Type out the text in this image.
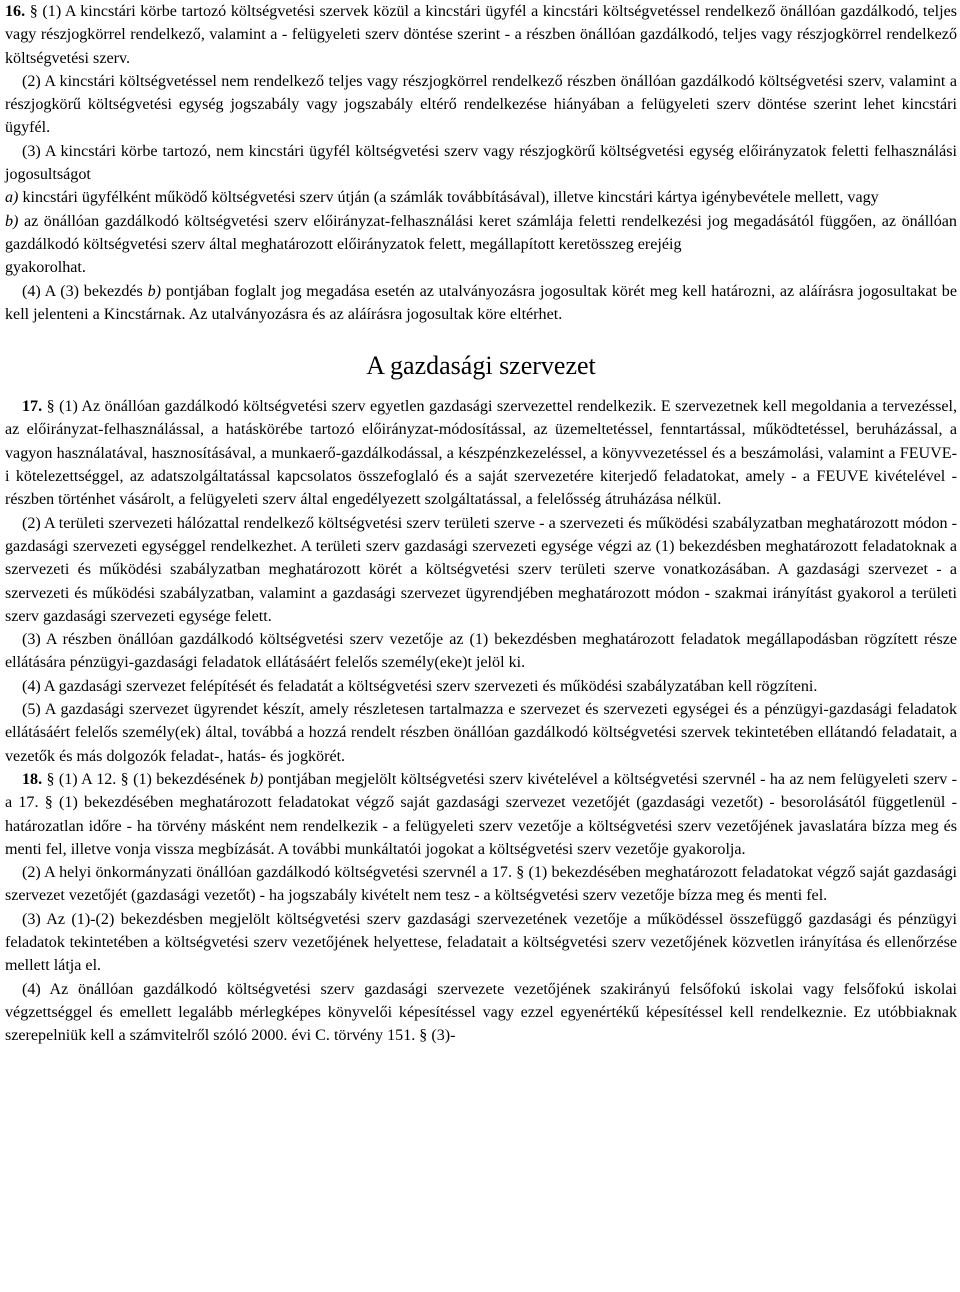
16. § (1) A kincstári körbe tartozó költségvetési szervek közül a kincstári ügyfél a kincstári költségvetéssel rendelkező önállóan gazdálkodó, teljes vagy részjogkörrel rendelkező, valamint a - felügyeleti szerv döntése szerint - a részben önállóan gazdálkodó, teljes vagy részjogkörrel rendelkező költségvetési szerv.

(2) A kincstári költségvetéssel nem rendelkező teljes vagy részjogkörrel rendelkező részben önállóan gazdálkodó költségvetési szerv, valamint a részjogkörű költségvetési egység jogszabály vagy jogszabály eltérő rendelkezése hiányában a felügyeleti szerv döntése szerint lehet kincstári ügyfél.

(3) A kincstári körbe tartozó, nem kincstári ügyfél költségvetési szerv vagy részjogkörű költségvetési egység előirányzatok feletti felhasználási jogosultságot

a) kincstári ügyfélként működő költségvetési szerv útján (a számlák továbbításával), illetve kincstári kártya igénybevétele mellett, vagy

b) az önállóan gazdálkodó költségvetési szerv előirányzat-felhasználási keret számlája feletti rendelkezési jog megadásától függően, az önállóan gazdálkodó költségvetési szerv által meghatározott előirányzatok felett, megállapított keretösszeg erejéig

gyakorolhat.

(4) A (3) bekezdés b) pontjában foglalt jog megadása esetén az utalványozásra jogosultak körét meg kell határozni, az aláírásra jogosultakat be kell jelenteni a Kincstárnak. Az utalványozásra és az aláírásra jogosultak köre eltérhet.

A gazdasági szervezet

17. § (1) Az önállóan gazdálkodó költségvetési szerv egyetlen gazdasági szervezettel rendelkezik. E szervezetnek kell megoldania a tervezéssel, az előirányzat-felhasználással, a hatáskörébe tartozó előirányzat-módosítással, az üzemeltetéssel, fenntartással, működtetéssel, beruházással, a vagyon használatával, hasznosításával, a munkaerő-gazdálkodással, a készpénzkezeléssel, a könyvvezetéssel és a beszámolási, valamint a FEUVE-i kötelezettséggel, az adatszolgáltatással kapcsolatos összefoglaló és a saját szervezetére kiterjedő feladatokat, amely - a FEUVE kivételével - részben történhet vásárolt, a felügyeleti szerv által engedélyezett szolgáltatással, a felelősség átruházása nélkül.

(2) A területi szervezeti hálózattal rendelkező költségvetési szerv területi szerve - a szervezeti és működési szabályzatban meghatározott módon - gazdasági szervezeti egységgel rendelkezhet. A területi szerv gazdasági szervezeti egysége végzi az (1) bekezdésben meghatározott feladatoknak a szervezeti és működési szabályzatban meghatározott körét a költségvetési szerv területi szerve vonatkozásában. A gazdasági szervezet - a szervezeti és működési szabályzatban, valamint a gazdasági szervezet ügyrendjében meghatározott módon - szakmai irányítást gyakorol a területi szerv gazdasági szervezeti egysége felett.

(3) A részben önállóan gazdálkodó költségvetési szerv vezetője az (1) bekezdésben meghatározott feladatok megállapodásban rögzített része ellátására pénzügyi-gazdasági feladatok ellátásáért felelős személy(eke)t jelöl ki.

(4) A gazdasági szervezet felépítését és feladatát a költségvetési szerv szervezeti és működési szabályzatában kell rögzíteni.

(5) A gazdasági szervezet ügyrendet készít, amely részletesen tartalmazza e szervezet és szervezeti egységei és a pénzügyi-gazdasági feladatok ellátásáért felelős személy(ek) által, továbbá a hozzá rendelt részben önállóan gazdálkodó költségvetési szervek tekintetében ellátandó feladatait, a vezetők és más dolgozók feladat-, hatás- és jogkörét.

18. § (1) A 12. § (1) bekezdésének b) pontjában megjelölt költségvetési szerv kivételével a költségvetési szervnél - ha az nem felügyeleti szerv - a 17. § (1) bekezdésében meghatározott feladatokat végző saját gazdasági szervezet vezetőjét (gazdasági vezetőt) - besorolásától függetlenül - határozatlan időre - ha törvény másként nem rendelkezik - a felügyeleti szerv vezetője a költségvetési szerv vezetőjének javaslatára bízza meg és menti fel, illetve vonja vissza megbízását. A további munkáltatói jogokat a költségvetési szerv vezetője gyakorolja.

(2) A helyi önkormányzati önállóan gazdálkodó költségvetési szervnél a 17. § (1) bekezdésében meghatározott feladatokat végző saját gazdasági szervezet vezetőjét (gazdasági vezetőt) - ha jogszabály kivételt nem tesz - a költségvetési szerv vezetője bízza meg és menti fel.

(3) Az (1)-(2) bekezdésben megjelölt költségvetési szerv gazdasági szervezetének vezetője a működéssel összefüggő gazdasági és pénzügyi feladatok tekintetében a költségvetési szerv vezetőjének helyettese, feladatait a költségvetési szerv vezetőjének közvetlen irányítása és ellenőrzése mellett látja el.

(4) Az önállóan gazdálkodó költségvetési szerv gazdasági szervezete vezetőjének szakirányú felsőfokú iskolai vagy felsőfokú iskolai végzettséggel és emellett legalább mérlegképes könyvelői képesítéssel vagy ezzel egyenértékű képesítéssel kell rendelkeznie. Ez utóbbiaknak szerepelniük kell a számvitelről szóló 2000. évi C. törvény 151. § (3)-
